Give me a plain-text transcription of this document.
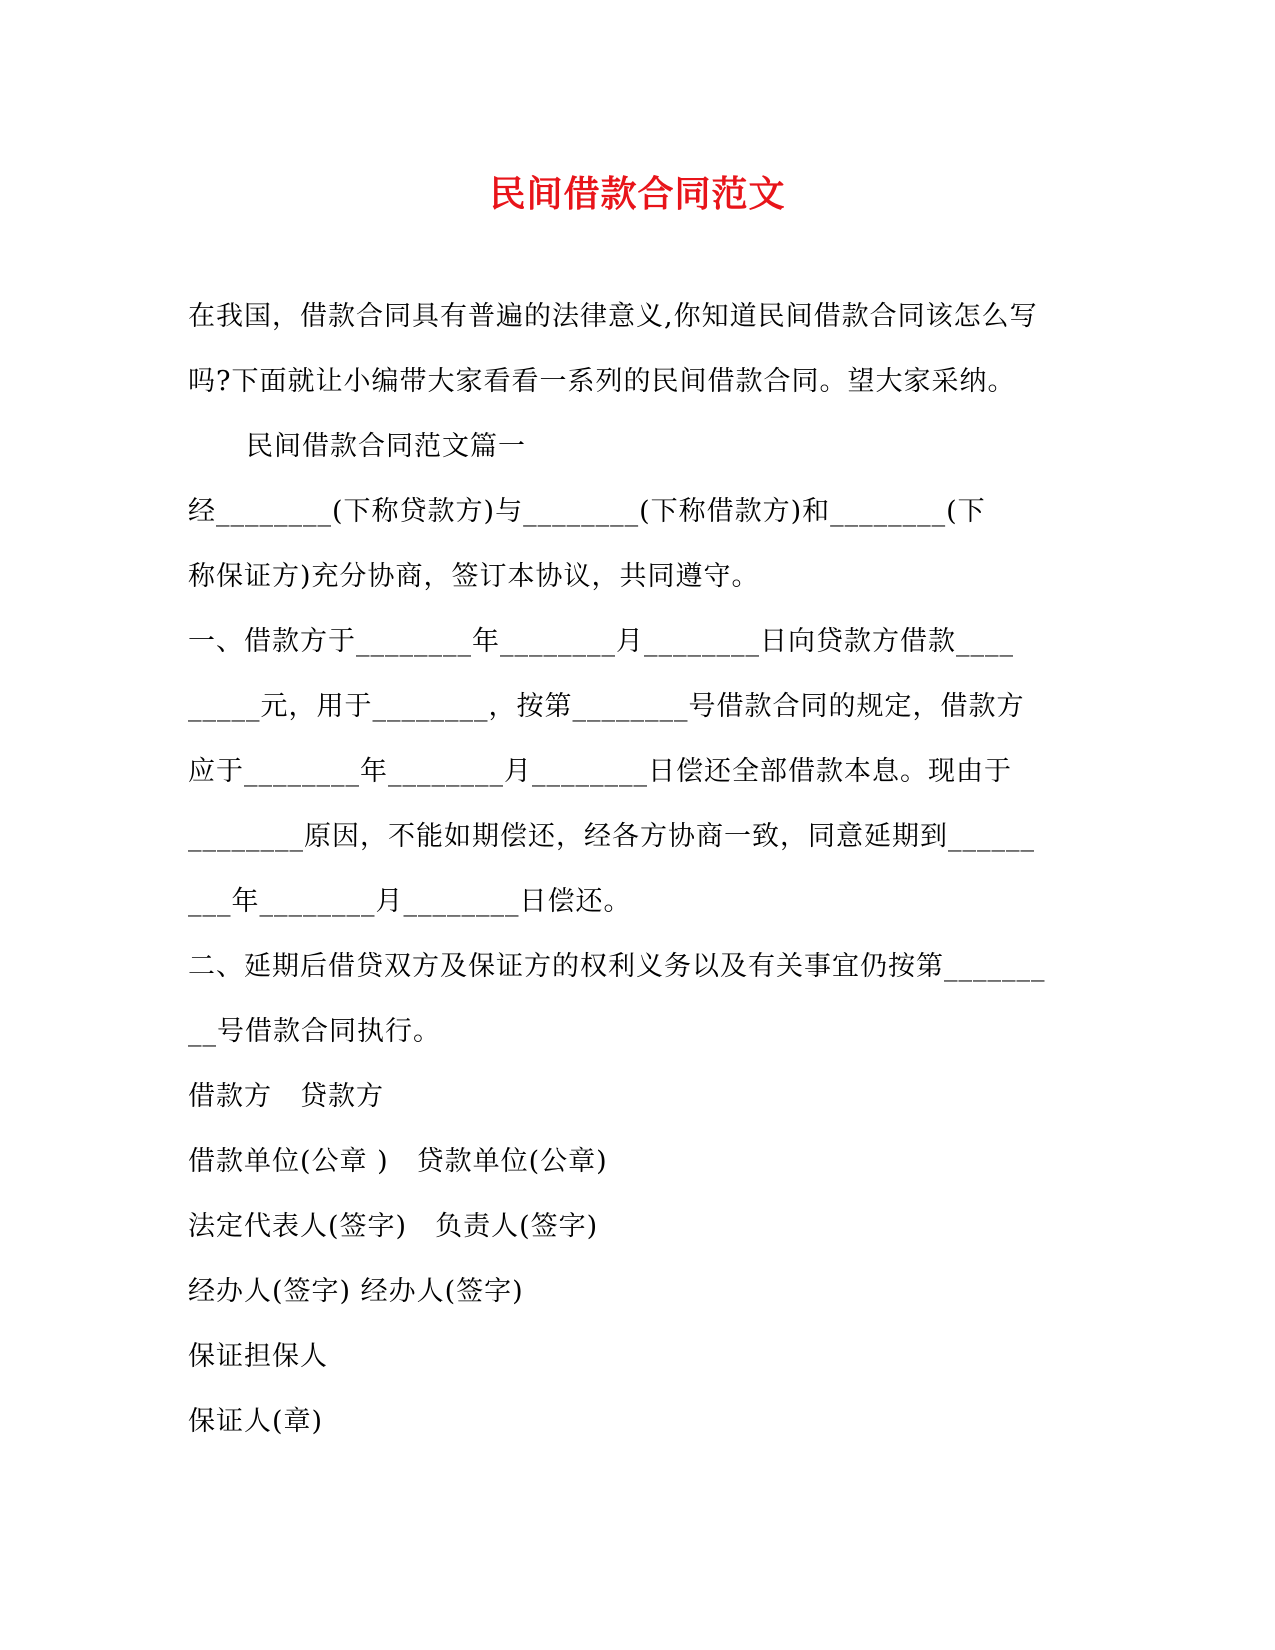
民间借款合同范文
在我国，借款合同具有普遍的法律意义,你知道民间借款合同该怎么写
吗?下面就让小编带大家看看一系列的民间借款合同。望大家采纳。
民间借款合同范文篇一
经________(下称贷款方)与________(下称借款方)和________(下
称保证方)充分协商，签订本协议，共同遵守。
一、借款方于________年________月________日向贷款方借款____
_____元，用于________，按第________号借款合同的规定，借款方
应于________年________月________日偿还全部借款本息。现由于
________原因，不能如期偿还，经各方协商一致，同意延期到______
___年________月________日偿还。
二、延期后借贷双方及保证方的权利义务以及有关事宜仍按第_______
__号借款合同执行。
借款方　贷款方
借款单位(公章 )　贷款单位(公章)
法定代表人(签字)　负责人(签字)
经办人(签字) 经办人(签字)
保证担保人
保证人(章)
